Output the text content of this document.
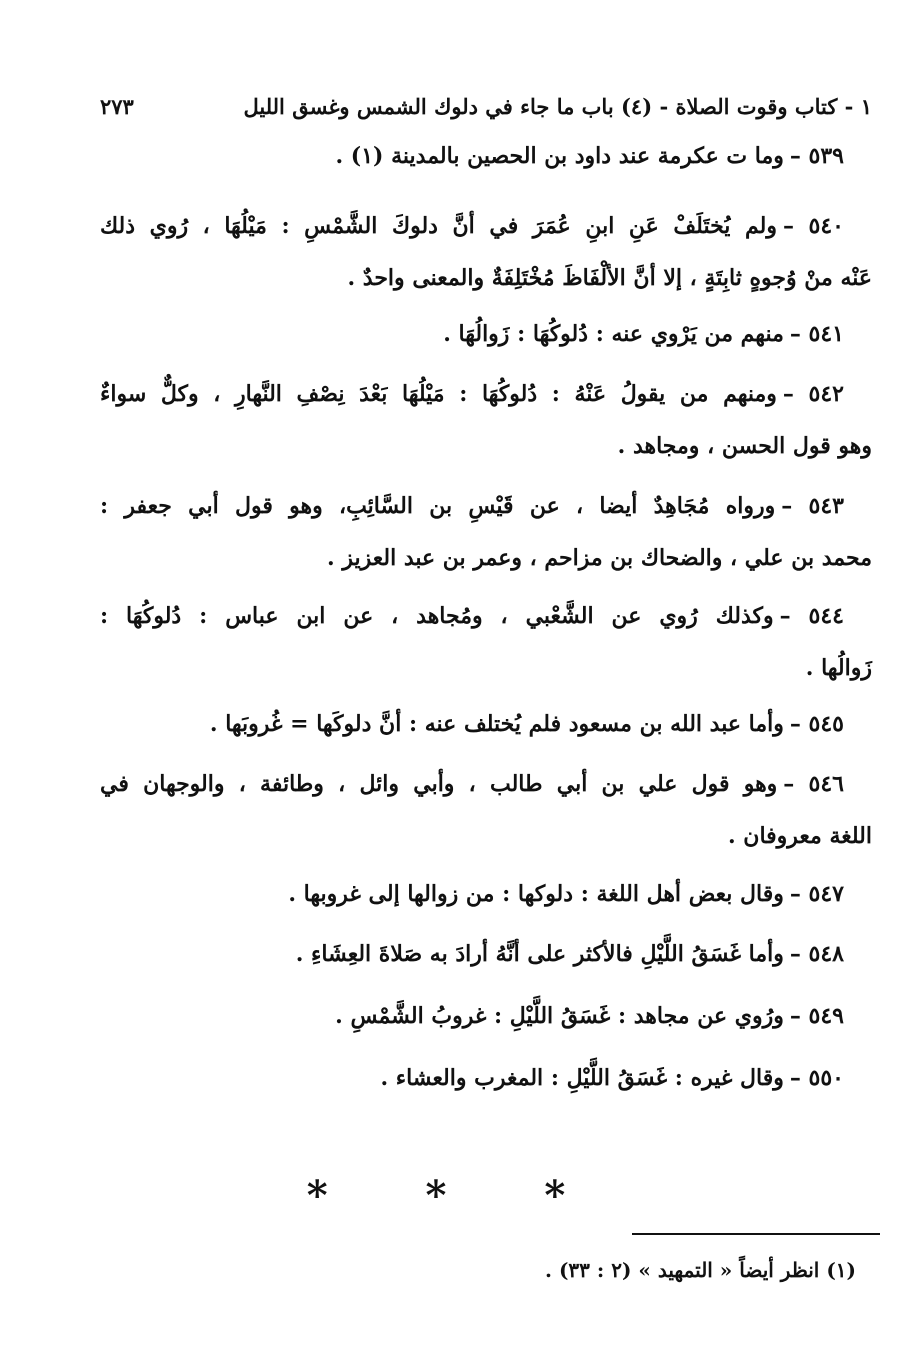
١ - كتاب وقوت الصلاة - (٤) باب ما جاء في دلوك الشمس وغسق الليل
٢٧٣
٥٣٩ –وما ت عكرمة عند داود بن الحصين بالمدينة (١) .
٥٤٠ –ولم يُختَلَفْ عَنِ ابنِ عُمَرَ في أنَّ دلوكَ الشَّمْسِ : مَيْلُهَا ، رُوي ذلك
عَنْه منْ وُجوهٍ ثابِتَةٍ ، إلا أنَّ الألْفَاظَ مُخْتَلِفَةٌ والمعنى واحدٌ .
٥٤١ –منهم من يَرْوي عنه : دُلوكُهَا : زَوالُهَا .
٥٤٢ –ومنهم من يقولُ عَنْهُ : دُلوكُهَا : مَيْلُهَا بَعْدَ نِصْفِ النَّهارِ ، وكلٌّ سواءٌ
وهو قول الحسن ، ومجاهد .
٥٤٣ –ورواه مُجَاهِدٌ أيضا ، عن قَيْسِ بن السَّائِبِ، وهو قول أبي جعفر :
محمد بن علي ، والضحاك بن مزاحم ، وعمر بن عبد العزيز .
٥٤٤ –وكذلك رُوي عن الشَّعْبي ، ومُجاهد ، عن ابن عباس : دُلوكُهَا :
زَوالُها .
٥٤٥ –وأما عبد الله بن مسعود فلم يُختلف عنه : أنَّ دلوكَها = غُروبَها .
٥٤٦ –وهو قول علي بن أبي طالب ، وأبي وائل ، وطائفة ، والوجهان في
اللغة معروفان .
٥٤٧ –وقال بعض أهل اللغة : دلوكها : من زوالها إلى غروبها .
٥٤٨ –وأما غَسَقُ اللَّيْلِ فالأكثر على أنَّهُ أرادَ به صَلاةَ العِشَاءِ .
٥٤٩ –ورُوي عن مجاهد : غَسَقُ اللَّيْلِ : غروبُ الشَّمْسِ .
٥٥٠ –وقال غيره : غَسَقُ اللَّيْلِ : المغرب والعشاء .
* * *
(١) انظر أيضاً « التمهيد » (٢ : ٣٣) .
